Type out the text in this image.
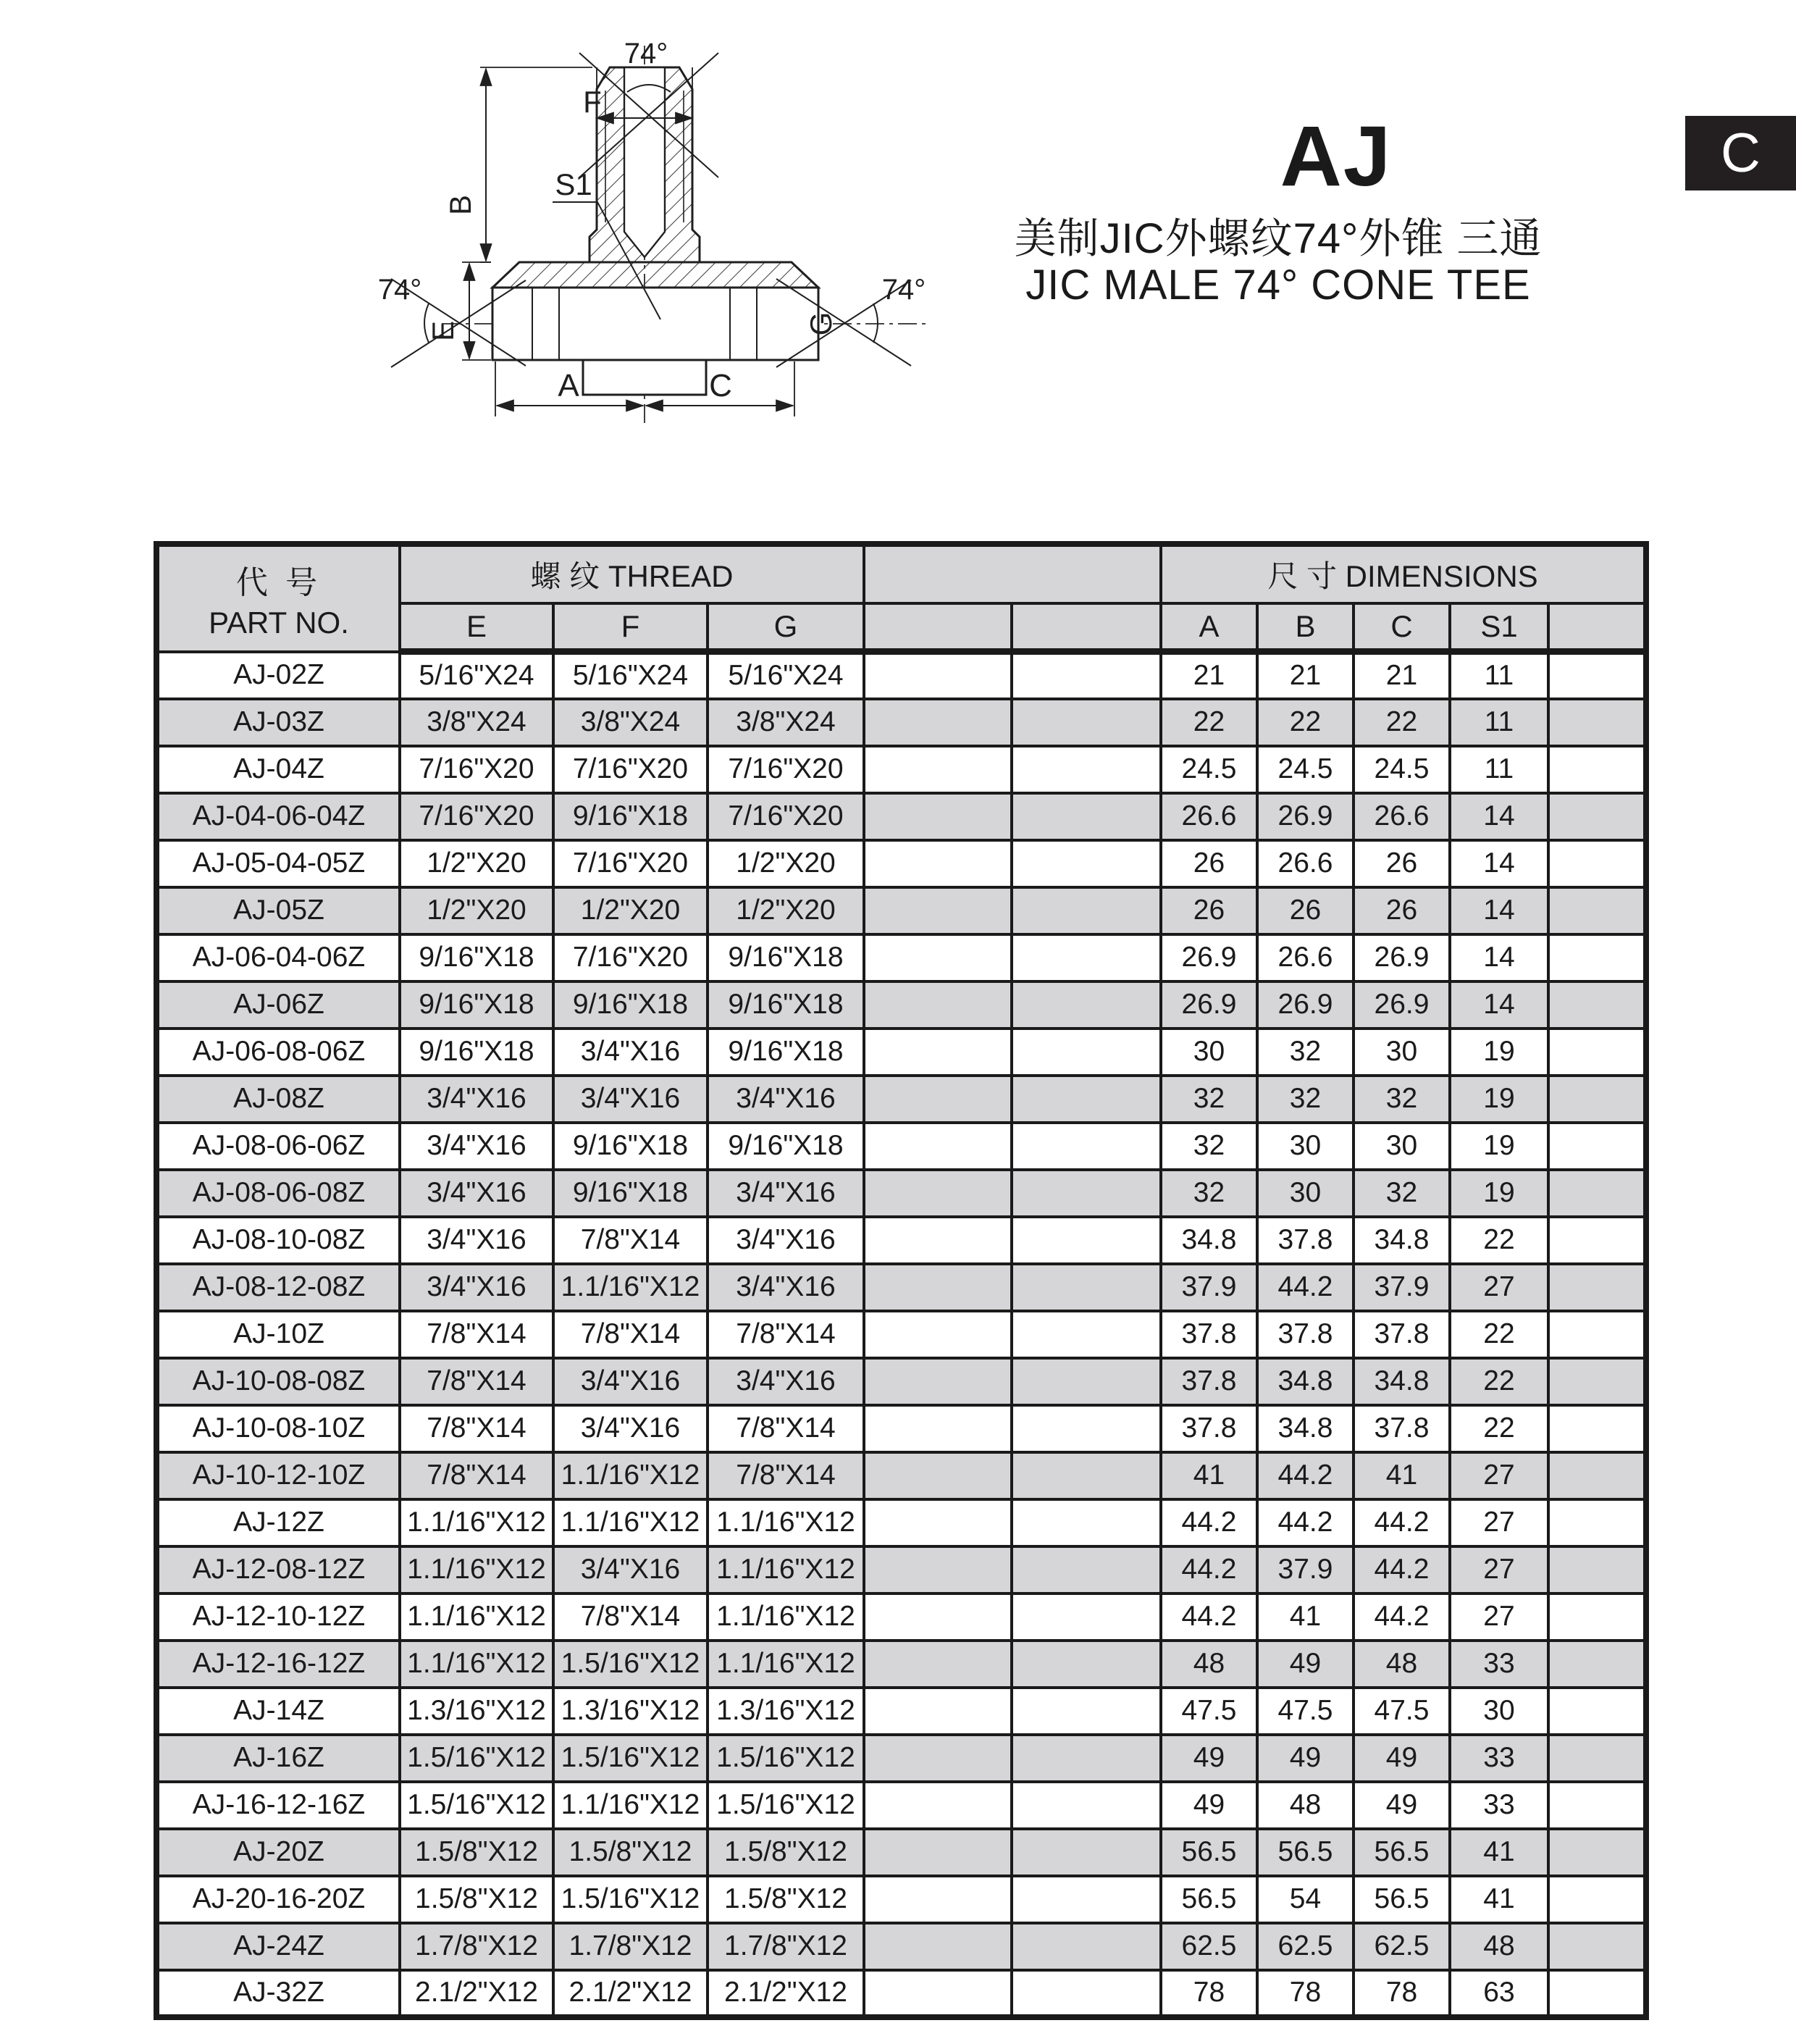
74°
F
B
E
74°	74°
G
S1
A	C
AJ
美制JIC外螺纹74°外锥 三通
JIC MALE 74° CONE TEE
C
代 号
PART NO.	螺 纹 THREAD					尺 寸 DIMENSIONS				
	E	F	G			A	B	C	S1	
AJ-02Z	5/16"X24	5/16"X24	5/16"X24			21	21	21	11	
AJ-03Z	3/8"X24	3/8"X24	3/8"X24			22	22	22	11	
AJ-04Z	7/16"X20	7/16"X20	7/16"X20			24.5	24.5	24.5	11	
AJ-04-06-04Z	7/16"X20	9/16"X18	7/16"X20			26.6	26.9	26.6	14	
AJ-05-04-05Z	1/2"X20	7/16"X20	1/2"X20			26	26.6	26	14	
AJ-05Z	1/2"X20	1/2"X20	1/2"X20			26	26	26	14	
AJ-06-04-06Z	9/16"X18	7/16"X20	9/16"X18			26.9	26.6	26.9	14	
AJ-06Z	9/16"X18	9/16"X18	9/16"X18			26.9	26.9	26.9	14	
AJ-06-08-06Z	9/16"X18	3/4"X16	9/16"X18			30	32	30	19	
AJ-08Z	3/4"X16	3/4"X16	3/4"X16			32	32	32	19	
AJ-08-06-06Z	3/4"X16	9/16"X18	9/16"X18			32	30	30	19	
AJ-08-06-08Z	3/4"X16	9/16"X18	3/4"X16			32	30	32	19	
AJ-08-10-08Z	3/4"X16	7/8"X14	3/4"X16			34.8	37.8	34.8	22	
AJ-08-12-08Z	3/4"X16	1.1/16"X12	3/4"X16			37.9	44.2	37.9	27	
AJ-10Z	7/8"X14	7/8"X14	7/8"X14			37.8	37.8	37.8	22	
AJ-10-08-08Z	7/8"X14	3/4"X16	3/4"X16			37.8	34.8	34.8	22	
AJ-10-08-10Z	7/8"X14	3/4"X16	7/8"X14			37.8	34.8	37.8	22	
AJ-10-12-10Z	7/8"X14	1.1/16"X12	7/8"X14			41	44.2	41	27	
AJ-12Z	1.1/16"X12	1.1/16"X12	1.1/16"X12			44.2	44.2	44.2	27	
AJ-12-08-12Z	1.1/16"X12	3/4"X16	1.1/16"X12			44.2	37.9	44.2	27	
AJ-12-10-12Z	1.1/16"X12	7/8"X14	1.1/16"X12			44.2	41	44.2	27	
AJ-12-16-12Z	1.1/16"X12	1.5/16"X12	1.1/16"X12			48	49	48	33	
AJ-14Z	1.3/16"X12	1.3/16"X12	1.3/16"X12			47.5	47.5	47.5	30	
AJ-16Z	1.5/16"X12	1.5/16"X12	1.5/16"X12			49	49	49	33	
AJ-16-12-16Z	1.5/16"X12	1.1/16"X12	1.5/16"X12			49	48	49	33	
AJ-20Z	1.5/8"X12	1.5/8"X12	1.5/8"X12			56.5	56.5	56.5	41	
AJ-20-16-20Z	1.5/8"X12	1.5/16"X12	1.5/8"X12			56.5	54	56.5	41	
AJ-24Z	1.7/8"X12	1.7/8"X12	1.7/8"X12			62.5	62.5	62.5	48	
AJ-32Z	2.1/2"X12	2.1/2"X12	2.1/2"X12			78	78	78	63	
